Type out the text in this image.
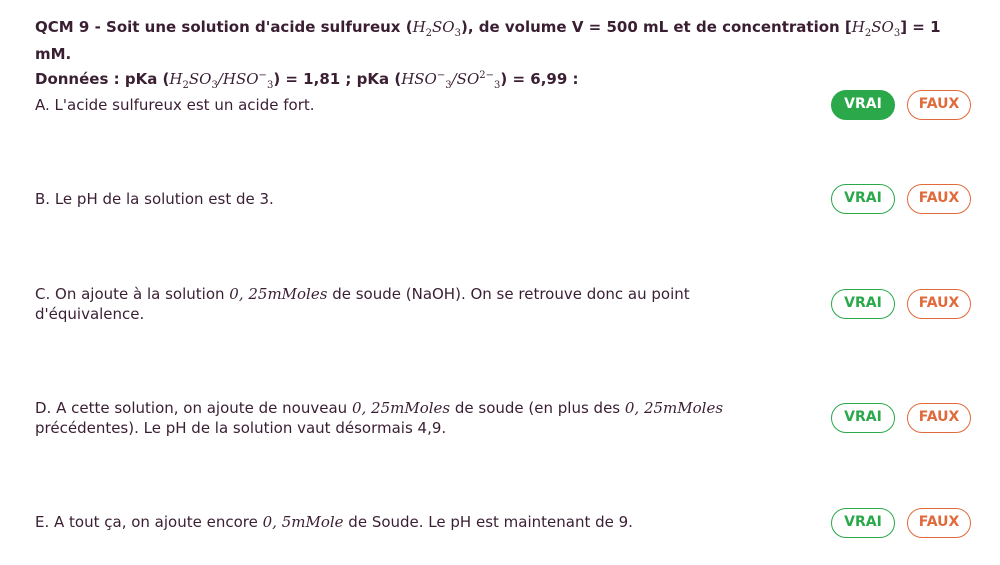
QCM 9 - Soit une solution d'acide sulfureux $(H_2SO_3)$, de volume V = 500 mL et de concentration $[H_2SO_3] = 1$ mM.
Données : pKa $(H_2SO_3/HSO^-_3) = 1,81$ ; pKa $(HSO^-_3/SO^{2-}_3) = 6,99$ :
A. L'acide sulfureux est un acide fort.	VRAI	FAUX
B. Le pH de la solution est de 3.	VRAI	FAUX
C. On ajoute à la solution 0, 25mMoles de soude (NaOH). On se retrouve donc au point d'équivalence.
VRAI	FAUX
D. A cette solution, on ajoute de nouveau 0, 25mMoles de soude (en plus des 0, 25mMoles précédentes). Le pH de la solution vaut désormais 4,9.
VRAI	FAUX
E. A tout ça, on ajoute encore 0, 5mMole de Soude. Le pH est maintenant de 9.	VRAI	FAUX
